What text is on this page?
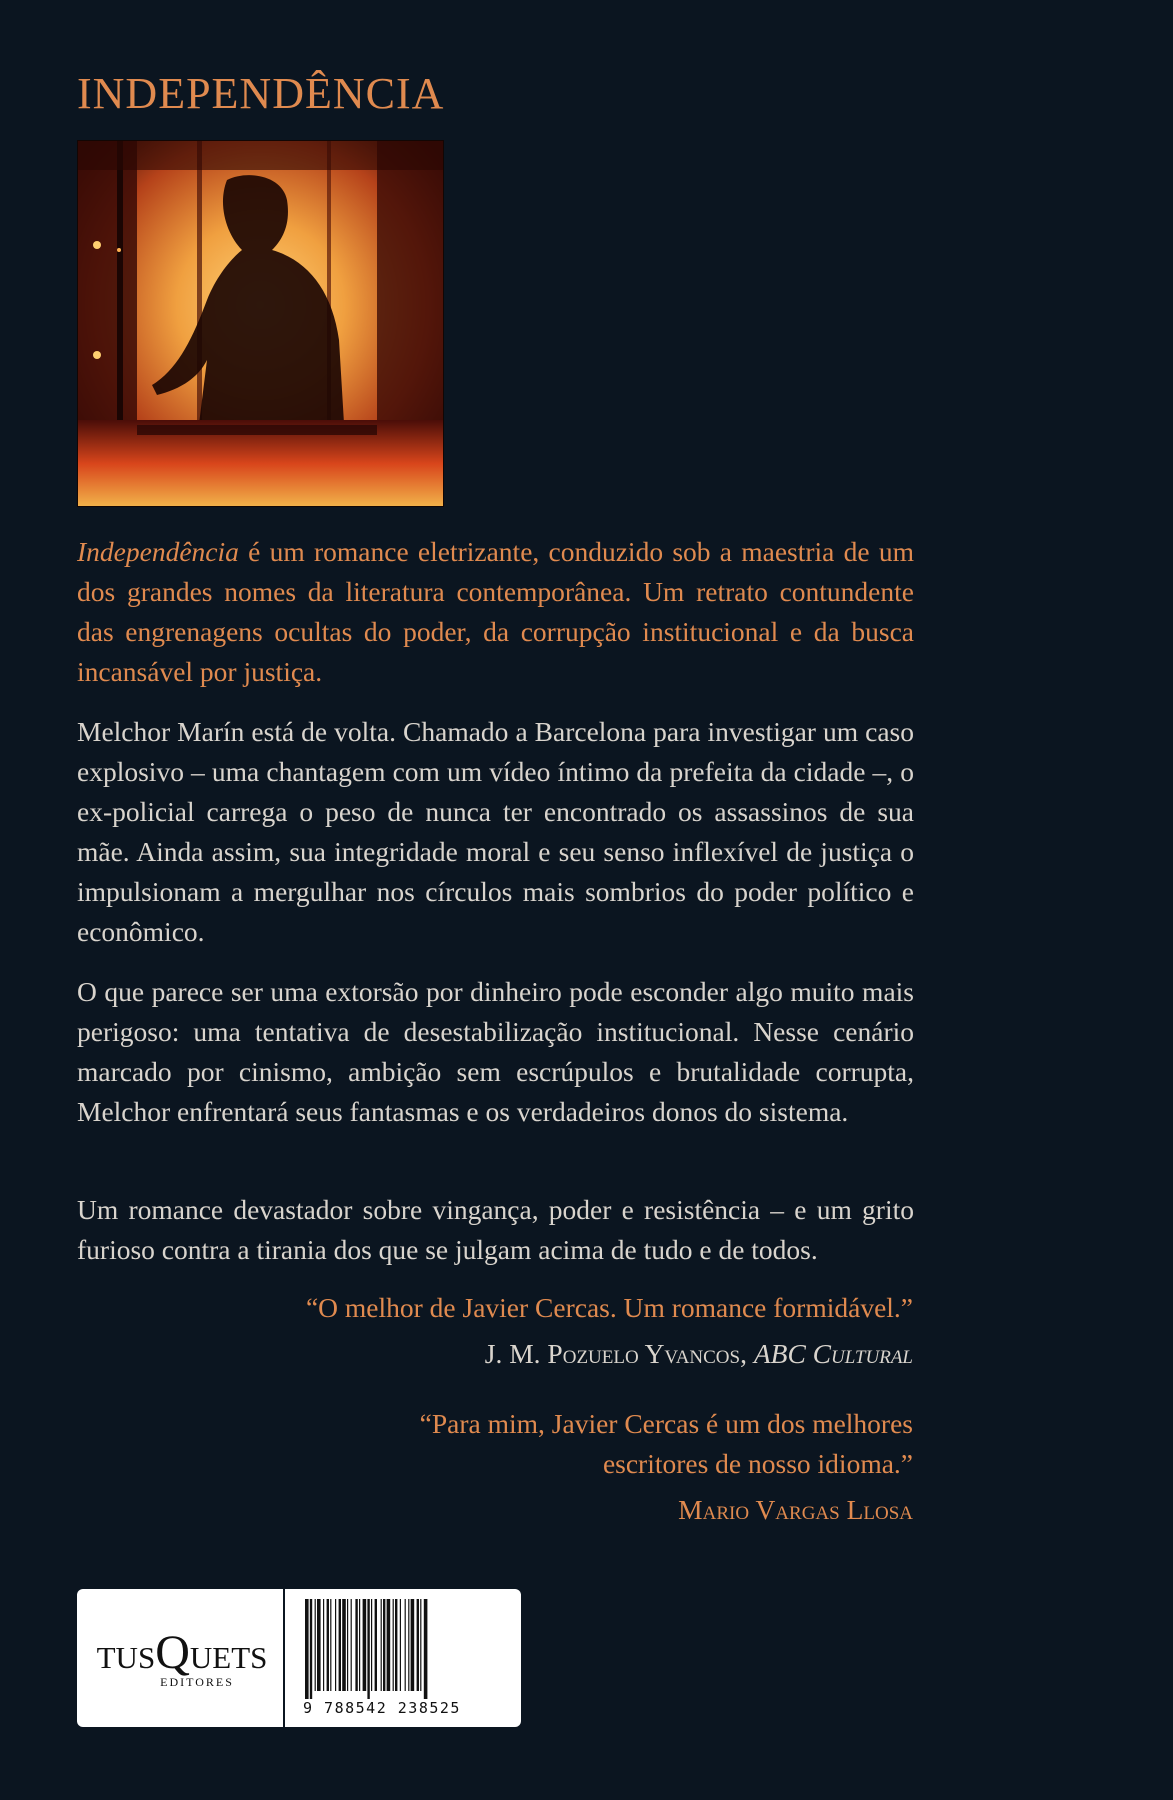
INDEPENDÊNCIA

Independência é um romance eletrizante, conduzido sob a maestria de um dos grandes nomes da literatura contemporânea. Um retrato contundente das engrenagens ocultas do poder, da corrupção institucional e da busca incansável por justiça.

Melchor Marín está de volta. Chamado a Barcelona para investigar um caso explosivo – uma chantagem com um vídeo íntimo da prefeita da cidade –, o ex-policial carrega o peso de nunca ter encontrado os assassinos de sua mãe. Ainda assim, sua integridade moral e seu senso inflexível de justiça o impulsionam a mergulhar nos círculos mais sombrios do poder político e econômico.

O que parece ser uma extorsão por dinheiro pode esconder algo muito mais perigoso: uma tentativa de desestabilização institucional. Nesse cenário marcado por cinismo, ambição sem escrúpulos e brutalidade corrupta, Melchor enfrentará seus fantasmas e os verdadeiros donos do sistema.

Um romance devastador sobre vingança, poder e resistência – e um grito furioso contra a tirania dos que se julgam acima de tudo e de todos.

“O melhor de Javier Cercas. Um romance formidável.”

J. M. Pozuelo Yvancos, ABC Cultural

“Para mim, Javier Cercas é um dos melhores escritores de nosso idioma.”

Mario Vargas Llosa

TUSQUETS
EDITORES
9 788542 238525
